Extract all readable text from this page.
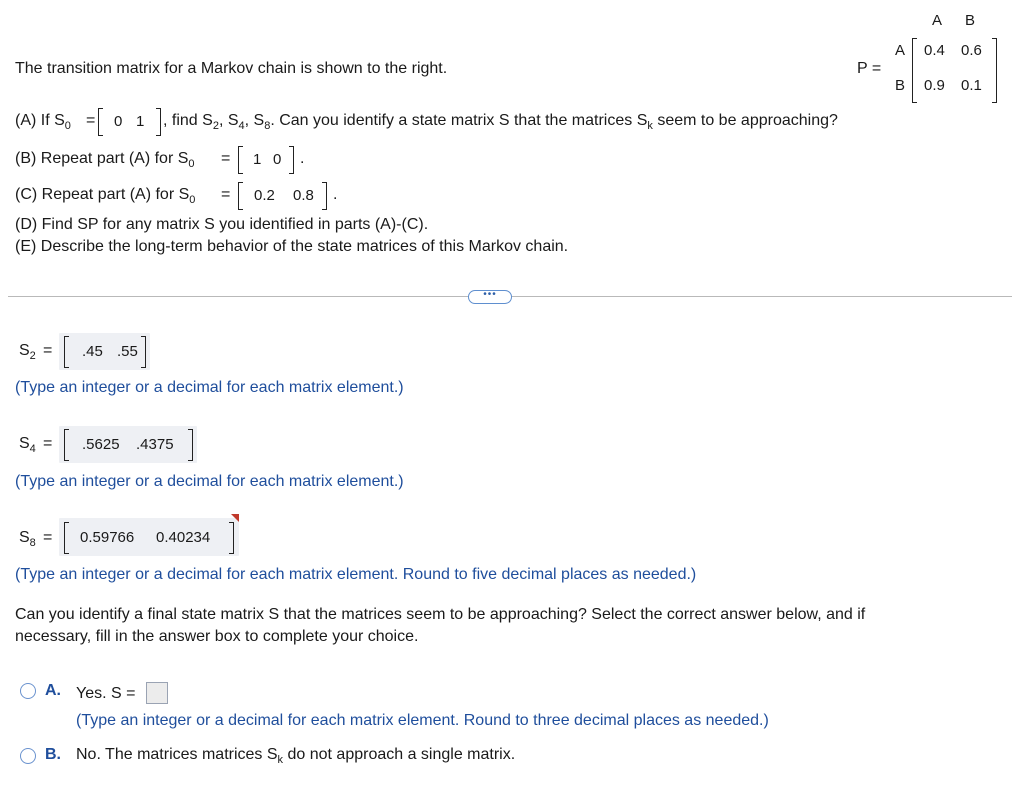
The transition matrix for a Markov chain is shown to the right.	P =
A B
A
B
0.4 0.6
0.9 0.1
(A) If $S_0 = 0$ 1 , find $S_2$, $S_4$, $S_8$. Can you identify a state matrix S that the matrices $S_k$ seem to be approaching?
(B) Repeat part (A) for $S_0 = 1$ 0 .
(C) Repeat part (A) for $S_0 = 0.2$ 0.8 .
(D) Find SP for any matrix S you identified in parts (A)-(C).
(E) Describe the long-term behavior of the state matrices of this Markov chain.
•••
$S_2 = .45$ .55
(Type an integer or a decimal for each matrix element.)
$S_4 = .5625$ .4375
(Type an integer or a decimal for each matrix element.)
$S_8 = 0.59766$ 0.40234
(Type an integer or a decimal for each matrix element. Round to five decimal places as needed.)
Can you identify a final state matrix S that the matrices seem to be approaching? Select the correct answer below, and if
necessary, fill in the answer box to complete your choice.
A. Yes. S =
(Type an integer or a decimal for each matrix element. Round to three decimal places as needed.)
B. No. The matrices matrices $S_k$ do not approach a single matrix.
